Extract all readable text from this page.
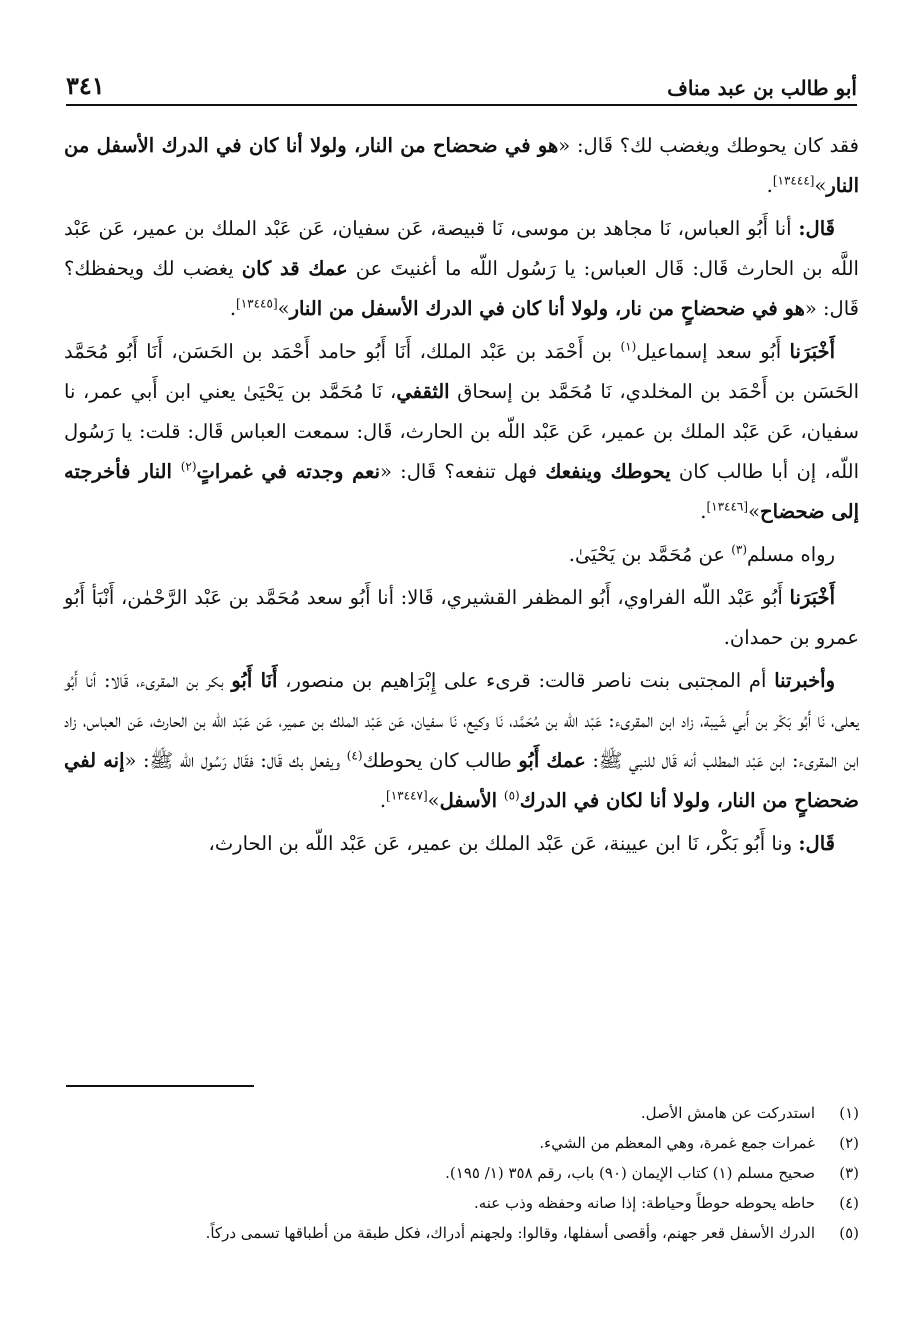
أبو طالب بن عبد مناف
٣٤١

فقد كان يحوطك ويغضب لك؟ قَال: «هو في ضحضاح من النار، ولولا أنا كان في الدرك الأسفل من النار»[١٣٤٤٤].

قَال: أنا أَبُو العباس، نَا مجاهد بن موسى، نَا قبيصة، عَن سفيان، عَن عَبْد الملك بن عمير، عَن عَبْد اللَّه بن الحارث قَال: قَال العباس: يا رَسُول اللّه ما أغنيتَ عن عمك قد كان يغضب لك ويحفظك؟ قَال: «هو في ضحضاحٍ من نار، ولولا أنا كان في الدرك الأسفل من النار»[١٣٤٤٥].

أَخْبَرَنا أَبُو سعد إسماعيل$^{(١)}$ بن أَحْمَد بن عَبْد الملك، أَنَا أَبُو حامد أَحْمَد بن الحَسَن، أَنَا أَبُو مُحَمَّد الحَسَن بن أَحْمَد بن المخلدي، نَا مُحَمَّد بن إسحاق الثقفي، نَا مُحَمَّد بن يَحْيَىٰ يعني ابن أَبي عمر، نا سفيان، عَن عَبْد الملك بن عمير، عَن عَبْد اللّه بن الحارث، قَال: سمعت العباس قَال: قلت: يا رَسُول اللّه، إن أبا طالب كان يحوطك وينفعك فهل تنفعه؟ قَال: «نعم وجدته في غمراتٍ$^{(٢)}$ النار فأخرجته إلى ضحضاح»[١٣٤٤٦].

رواه مسلم$^{(٣)}$ عن مُحَمَّد بن يَحْيَىٰ.

أَخْبَرَنا أَبُو عَبْد اللّه الفراوي، أَبُو المظفر القشيري، قَالا: أنا أَبُو سعد مُحَمَّد بن عَبْد الرَّحْمٰن، أَنْبَأ أَبُو عمرو بن حمدان.

وأخبرتنا أم المجتبى بنت ناصر قالت: قرىء على إِبْرَاهيم بن منصور، أَنَا أَبُو بكر بن المقرىء، قَالا: أنا أَبُو يعلى، نَا أَبُو بَكْر بن أَبي شَيبة، زاد ابن المقرىء: عَبْد اللّه بن مُحَمَّد، نَا وكيع، نَا سفيان، عَن عَبْد الملك بن عمير، عَن عَبْد اللّه بن الحارث، عَن العباس، زاد ابن المقرىء: ابن عَبْد المطلب أنه قَال للنبي ﷺ: عمك أَبُو طالب كان يحوطك$^{(٤)}$ ويفعل بك قَال: فقَال رَسُول اللّه ﷺ: «إنه لفي ضحضاحٍ من النار، ولولا أنا لكان في الدرك$^{(٥)}$ الأسفل»[١٣٤٤٧].

قَال: ونا أَبُو بَكْر، نَا ابن عيينة، عَن عَبْد الملك بن عمير، عَن عَبْد اللّه بن الحارث،

(١)
استدركت عن هامش الأصل.
(٢)
غمرات جمع غمرة، وهي المعظم من الشيء.
(٣)
صحيح مسلم (١) كتاب الإيمان (٩٠) باب، رقم ٣٥٨ (١/ ١٩٥).
(٤)
حاطه يحوطه حوطاً وحياطة: إذا صانه وحفظه وذب عنه.
(٥)
الدرك الأسفل قعر جهنم، وأقصى أسفلها، وقالوا: ولجهنم أدراك، فكل طبقة من أطباقها تسمى دركاً.
